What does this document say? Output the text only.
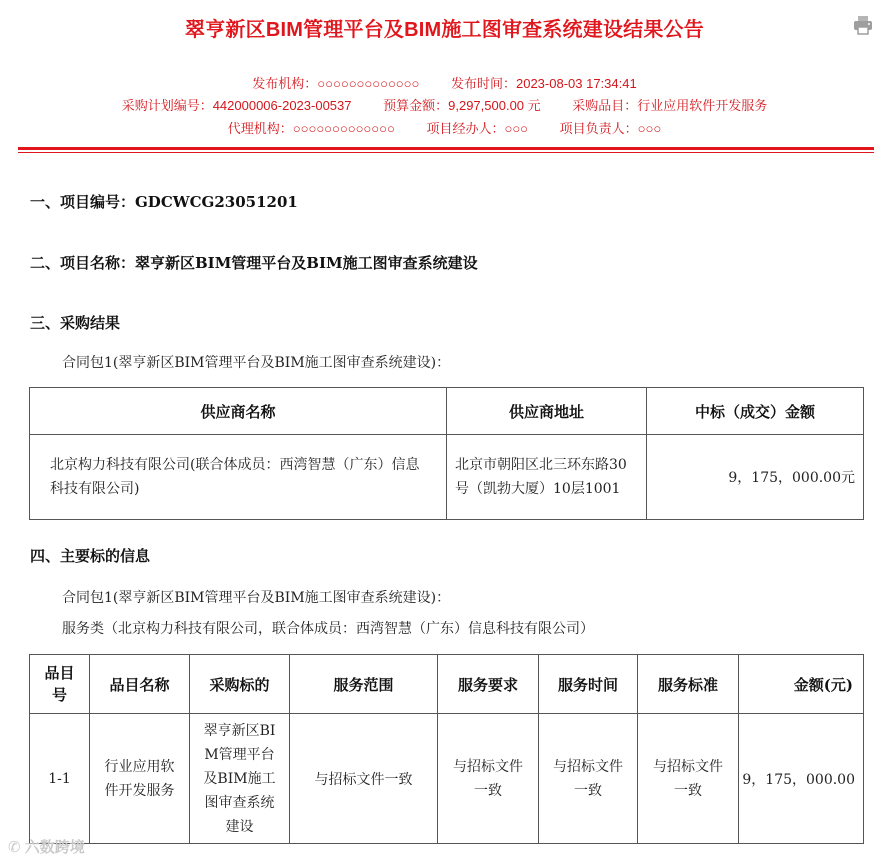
翠亨新区BIM管理平台及BIM施工图审查系统建设结果公告
发布机构：○○○○○○○○○○○○○ 发布时间：2023-08-03 17:34:41
采购计划编号：442000006-2023-00537 预算金额：9,297,500.00 元 采购品目：行业应用软件开发服务
代理机构：○○○○○○○○○○○○○ 项目经办人：○○○ 项目负责人：○○○
一、项目编号：GDCWCG23051201
二、项目名称：翠亨新区BIM管理平台及BIM施工图审查系统建设
三、采购结果
合同包1(翠亨新区BIM管理平台及BIM施工图审查系统建设)：
供应商名称	供应商地址	中标（成交）金额
北京构力科技有限公司(联合体成员：西湾智慧（广东）信息科技有限公司)	北京市朝阳区北三环东路30号（凯勃大厦）10层1001	9，175，000.00元
四、主要标的信息
合同包1(翠亨新区BIM管理平台及BIM施工图审查系统建设)：
服务类（北京构力科技有限公司，联合体成员：西湾智慧（广东）信息科技有限公司）
品目号	品目名称	采购标的	服务范围	服务要求	服务时间	服务标准	金额(元)
1-1	行业应用软件开发服务	翠亨新区BIM管理平台及BIM施工图审查系统建设	与招标文件一致	与招标文件一致	与招标文件一致	与招标文件一致	9，175，000.00
✆ 六数跨境
